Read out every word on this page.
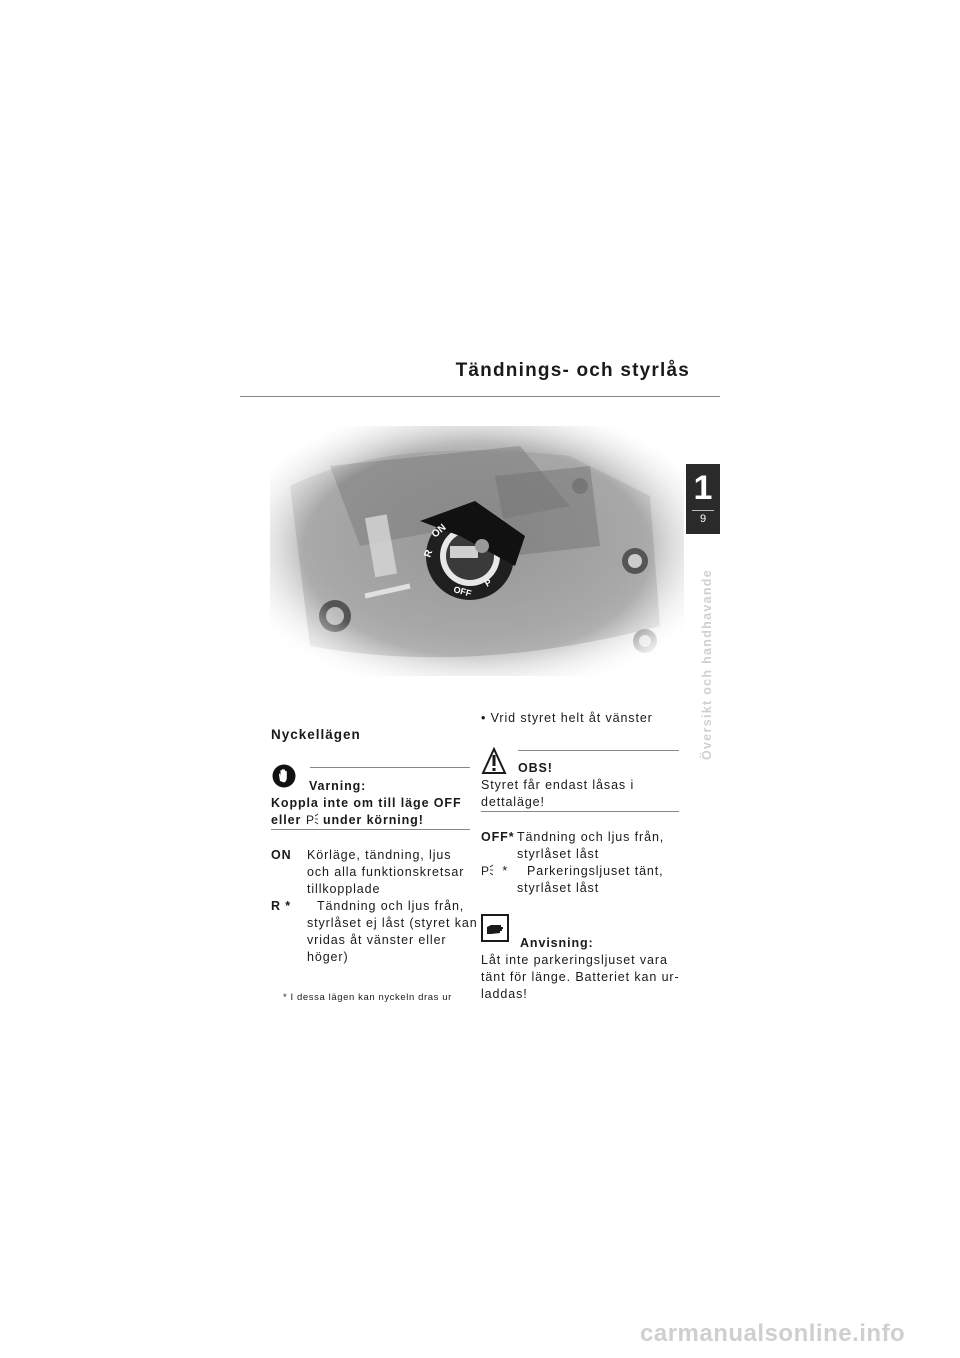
Tändnings- och styrlås
1
9
Översikt och handhavande
Nyckellägen
Varning:
Koppla inte om till läge OFF
eller P under körning!
ON Körläge, tändning, ljus
och alla funktionskretsar
tillkopplade
R * Tändning och ljus från,
styrlåset ej låst (styret kan
vridas åt vänster eller
höger)
* I dessa lägen kan nyckeln dras ur
• Vrid styret helt åt vänster
OBS!
Styret får endast låsas i
dettaläge!
OFF* Tändning och ljus från,
styrlåset låst
P * Parkeringsljuset tänt,
styrlåset låst
Anvisning:
Låt inte parkeringsljuset vara
tänt för länge. Batteriet kan ur-
laddas!
carmanualsonline.info
